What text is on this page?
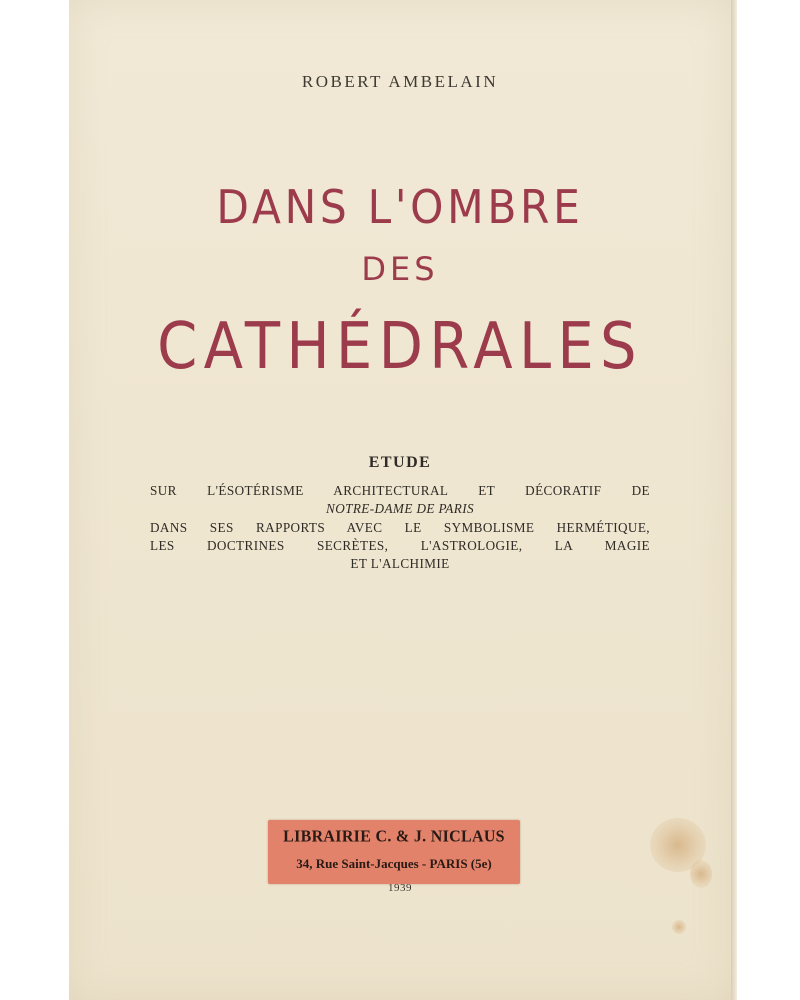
ROBERT AMBELAIN
DANS L'OMBRE
DES
CATHÉDRALES
ETUDE
SUR L'ÉSOTÉRISME ARCHITECTURAL ET DÉCORATIF DE
NOTRE-DAME DE PARIS
DANS SES RAPPORTS AVEC LE SYMBOLISME HERMÉTIQUE,
LES DOCTRINES SECRÈTES, L'ASTROLOGIE, LA MAGIE
ET L'ALCHIMIE
LIBRAIRIE C. & J. NICLAUS
34, Rue Saint-Jacques - PARIS (5e)
1939
